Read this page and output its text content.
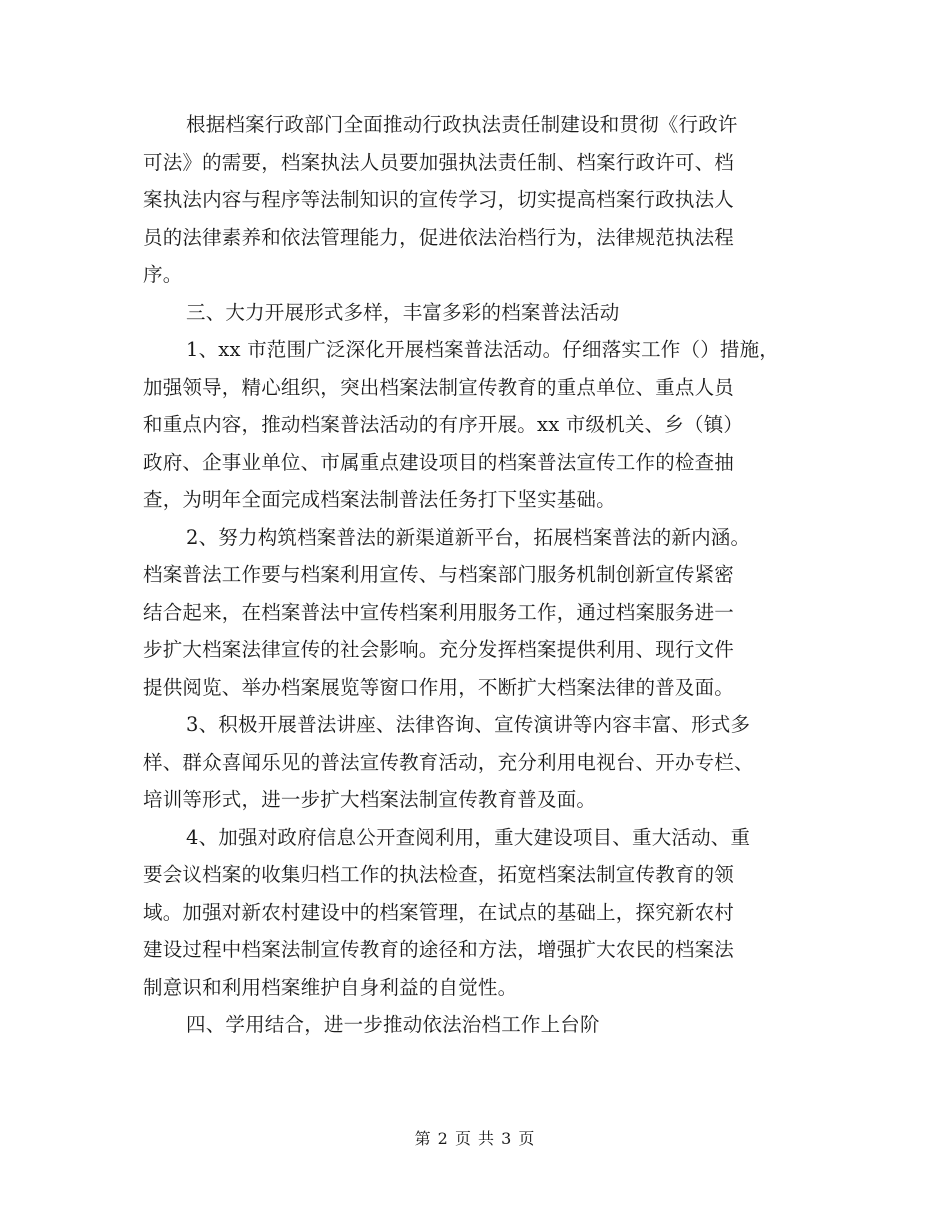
根据档案行政部门全面推动行政执法责任制建设和贯彻《行政许
可法》的需要，档案执法人员要加强执法责任制、档案行政许可、档
案执法内容与程序等法制知识的宣传学习，切实提高档案行政执法人
员的法律素养和依法管理能力，促进依法治档行为，法律规范执法程
序。
三、大力开展形式多样，丰富多彩的档案普法活动
1、xx 市范围广泛深化开展档案普法活动。仔细落实工作（）措施，
加强领导，精心组织，突出档案法制宣传教育的重点单位、重点人员
和重点内容，推动档案普法活动的有序开展。xx 市级机关、乡（镇）
政府、企事业单位、市属重点建设项目的档案普法宣传工作的检查抽
查，为明年全面完成档案法制普法任务打下坚实基础。
2、努力构筑档案普法的新渠道新平台，拓展档案普法的新内涵。
档案普法工作要与档案利用宣传、与档案部门服务机制创新宣传紧密
结合起来，在档案普法中宣传档案利用服务工作，通过档案服务进一
步扩大档案法律宣传的社会影响。充分发挥档案提供利用、现行文件
提供阅览、举办档案展览等窗口作用，不断扩大档案法律的普及面。
3、积极开展普法讲座、法律咨询、宣传演讲等内容丰富、形式多
样、群众喜闻乐见的普法宣传教育活动，充分利用电视台、开办专栏、
培训等形式，进一步扩大档案法制宣传教育普及面。
4、加强对政府信息公开查阅利用，重大建设项目、重大活动、重
要会议档案的收集归档工作的执法检查，拓宽档案法制宣传教育的领
域。加强对新农村建设中的档案管理，在试点的基础上，探究新农村
建设过程中档案法制宣传教育的途径和方法，增强扩大农民的档案法
制意识和利用档案维护自身利益的自觉性。
四、学用结合，进一步推动依法治档工作上台阶
第 2 页 共 3 页
